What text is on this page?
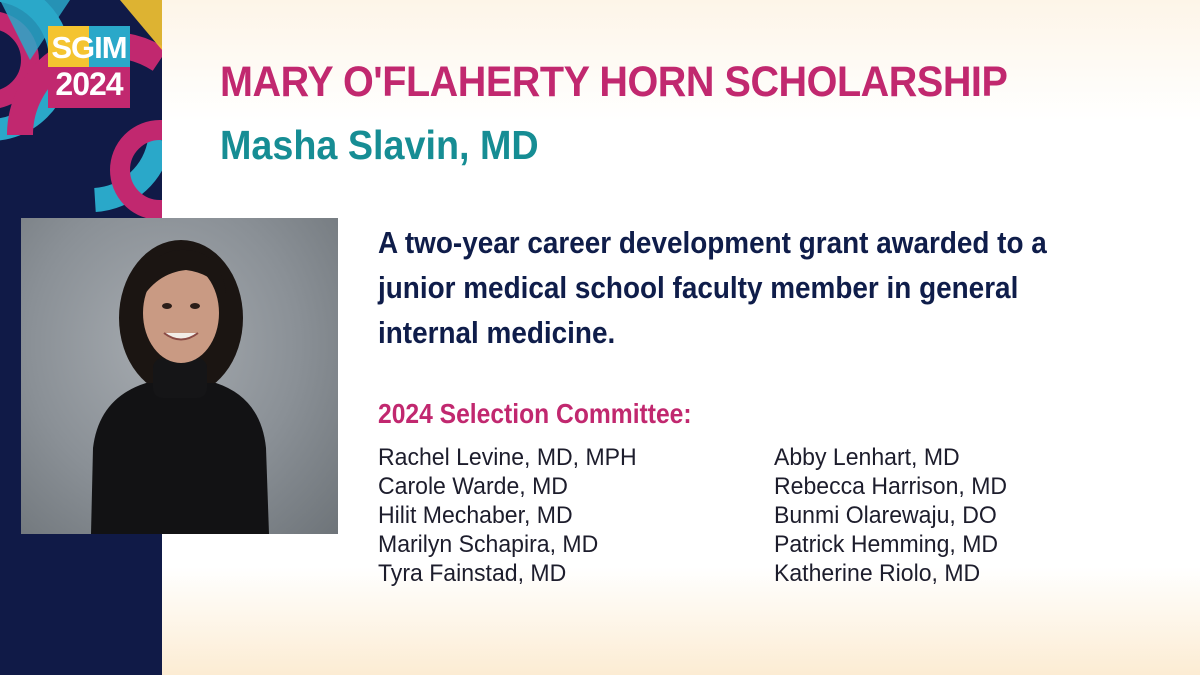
SGIM
2024 MARY O'FLAHERTY HORN SCHOLARSHIP
Masha Slavin, MD
A two-year career development grant awarded to a junior medical school faculty member in general internal medicine.
2024 Selection Committee:
Rachel Levine, MD, MPH
Carole Warde, MD
Hilit Mechaber, MD
Marilyn Schapira, MD
Tyra Fainstad, MD
Abby Lenhart, MD
Rebecca Harrison, MD
Bunmi Olarewaju, DO
Patrick Hemming, MD
Katherine Riolo, MD
